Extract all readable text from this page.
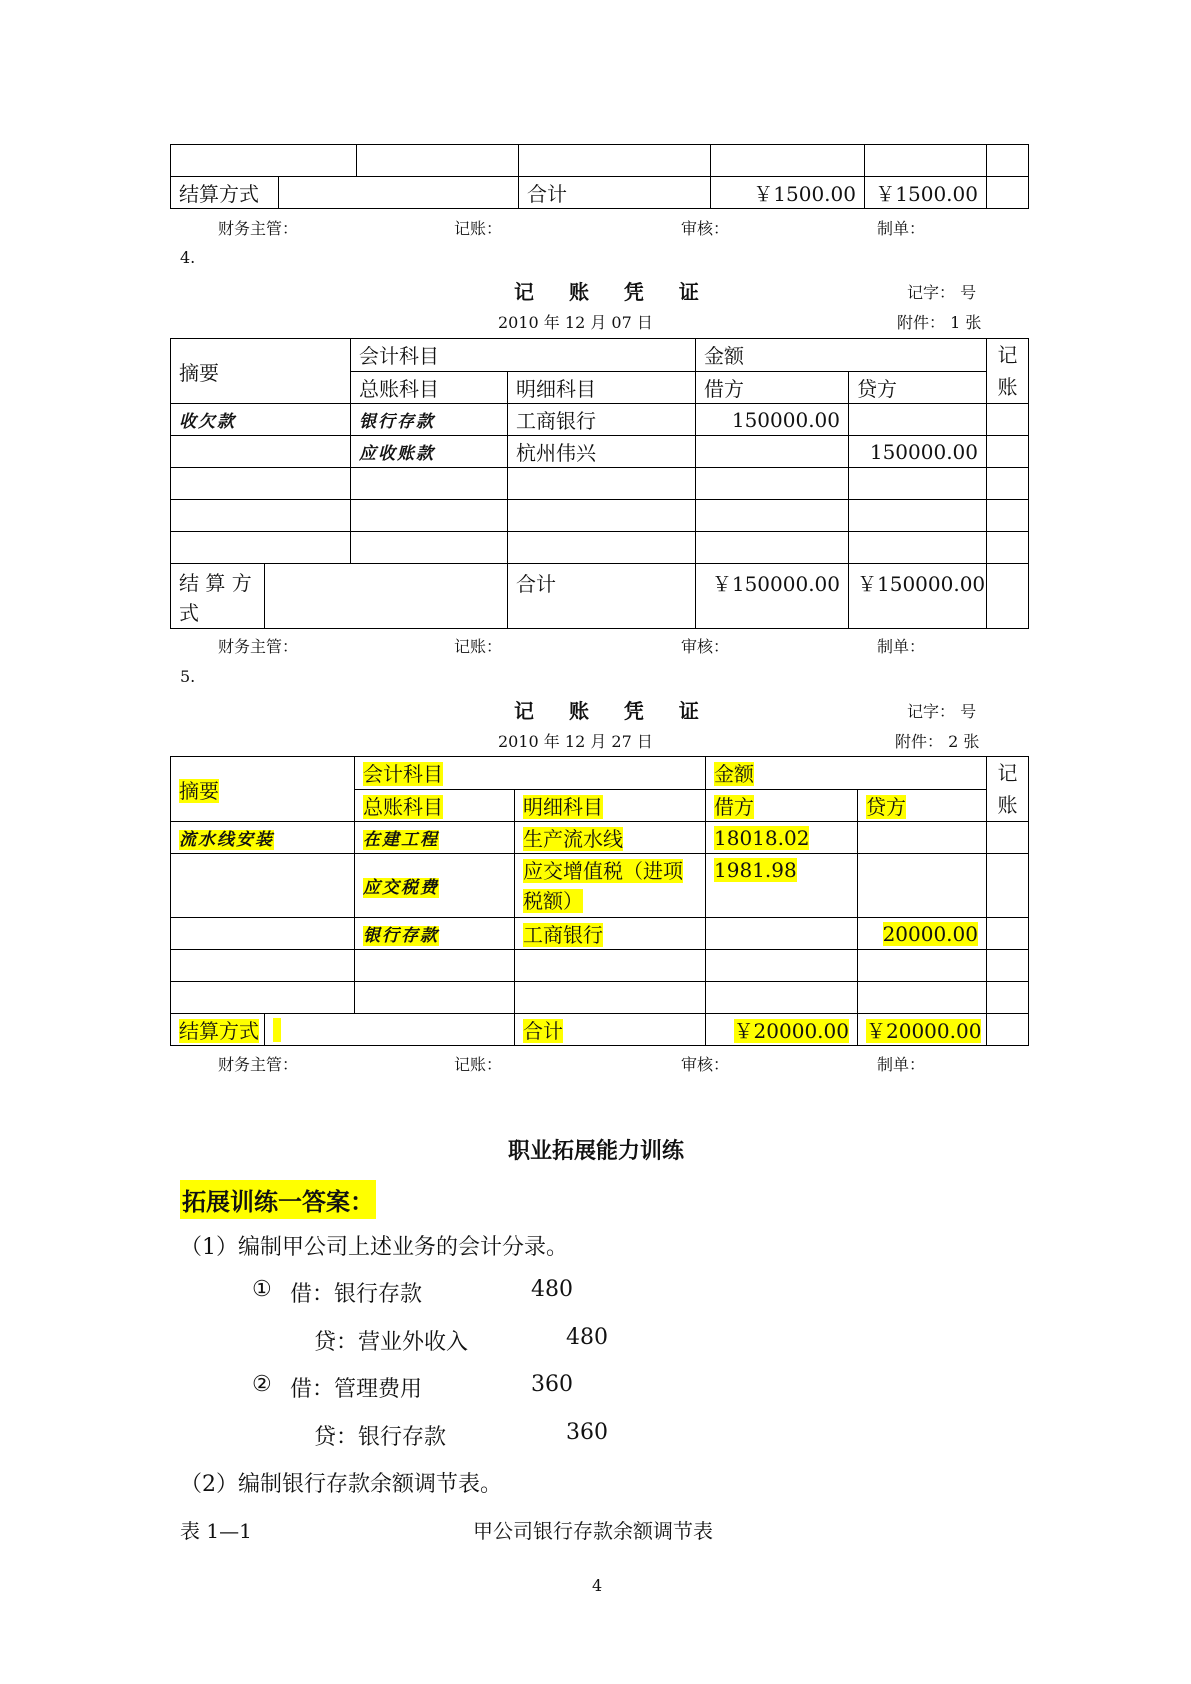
结算方式			合计	￥1500.00	￥1500.00	
财务主管：	记账：	审核：	制单：
4.
记 账 凭 证	记字： 号
2010 年 12 月 07 日	附件： 1 张
摘要		会计科目		金额		记
账

		总账科目	明细科目	借方	贷方	
收欠款		银行存款	工商银行	150000.00		
		应收账款	杭州伟兴		150000.00	

结 算 方 式			合计	￥150000.00	￥150000.00	
财务主管：	记账：	审核：	制单：
5.
记 账 凭 证	记字： 号
2010 年 12 月 27 日	附件： 2 张
摘要		会计科目		金额		记
账

		总账科目	明细科目	借方	贷方	
流水线安装		在建工程	生产流水线	18018.02		
		应交税费	应交增值税（进项税额）	1981.98		
		银行存款	工商银行		20000.00	

结算方式			合计	￥20000.00	￥20000.00	
财务主管：	记账：	审核：	制单：
职业拓展能力训练
拓展训练一答案：
（1）编制甲公司上述业务的会计分录。
① 借：银行存款	480
贷：营业外收入	480
② 借：管理费用	360
贷：银行存款	360
（2）编制银行存款余额调节表。
表 1—1	甲公司银行存款余额调节表
4
